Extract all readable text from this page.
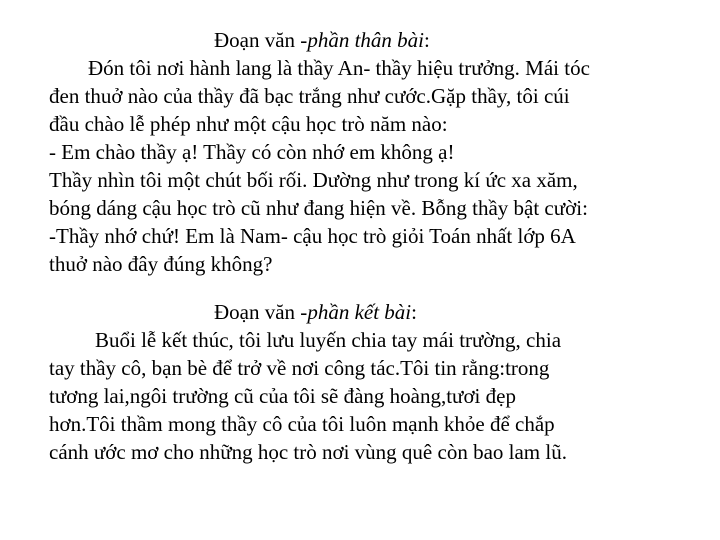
Đoạn văn -phần thân bài:
Đón tôi nơi hành lang là thầy An- thầy hiệu trưởng. Mái tóc
đen thuở nào của thầy đã bạc trắng như cước.Gặp thầy, tôi cúi
đầu chào lễ phép như một cậu học trò năm nào:
- Em chào thầy ạ! Thầy có còn nhớ em không ạ!
Thầy nhìn tôi một chút bối rối. Dường như trong kí ức xa xăm,
bóng dáng cậu học trò cũ như đang hiện về. Bỗng thầy bật cười:
-Thầy nhớ chứ! Em là Nam- cậu học trò giỏi Toán nhất lớp 6A
thuở nào đây đúng không?
Đoạn văn -phần kết bài:
Buổi lễ kết thúc, tôi lưu luyến chia tay mái trường, chia
tay thầy cô, bạn bè để trở về nơi công tác.Tôi tin rằng:trong
tương lai,ngôi trường cũ của tôi sẽ đàng hoàng,tươi đẹp
hơn.Tôi thầm mong thầy cô của tôi luôn mạnh khỏe để chắp
cánh ước mơ cho những học trò nơi vùng quê còn bao lam lũ.
